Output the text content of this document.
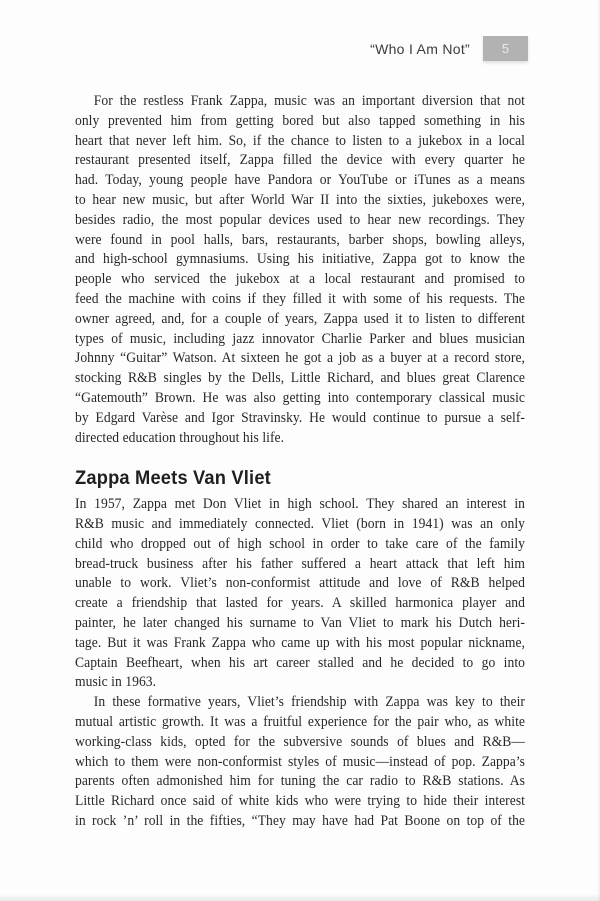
“Who I Am Not” 5
For the restless Frank Zappa, music was an important diversion that not
only prevented him from getting bored but also tapped something in his
heart that never left him. So, if the chance to listen to a jukebox in a local
restaurant presented itself, Zappa filled the device with every quarter he
had. Today, young people have Pandora or YouTube or iTunes as a means
to hear new music, but after World War II into the sixties, jukeboxes were,
besides radio, the most popular devices used to hear new recordings. They
were found in pool halls, bars, restaurants, barber shops, bowling alleys,
and high-school gymnasiums. Using his initiative, Zappa got to know the
people who serviced the jukebox at a local restaurant and promised to
feed the machine with coins if they filled it with some of his requests. The
owner agreed, and, for a couple of years, Zappa used it to listen to different
types of music, including jazz innovator Charlie Parker and blues musician
Johnny “Guitar” Watson. At sixteen he got a job as a buyer at a record store,
stocking R&B singles by the Dells, Little Richard, and blues great Clarence
“Gatemouth” Brown. He was also getting into contemporary classical music
by Edgard Varèse and Igor Stravinsky. He would continue to pursue a self-
directed education throughout his life.
Zappa Meets Van Vliet
In 1957, Zappa met Don Vliet in high school. They shared an interest in
R&B music and immediately connected. Vliet (born in 1941) was an only
child who dropped out of high school in order to take care of the family
bread-truck business after his father suffered a heart attack that left him
unable to work. Vliet’s non-conformist attitude and love of R&B helped
create a friendship that lasted for years. A skilled harmonica player and
painter, he later changed his surname to Van Vliet to mark his Dutch heri-
tage. But it was Frank Zappa who came up with his most popular nickname,
Captain Beefheart, when his art career stalled and he decided to go into
music in 1963.
In these formative years, Vliet’s friendship with Zappa was key to their
mutual artistic growth. It was a fruitful experience for the pair who, as white
working-class kids, opted for the subversive sounds of blues and R&B—
which to them were non-conformist styles of music—instead of pop. Zappa’s
parents often admonished him for tuning the car radio to R&B stations. As
Little Richard once said of white kids who were trying to hide their interest
in rock ’n’ roll in the fifties, “They may have had Pat Boone on top of the
